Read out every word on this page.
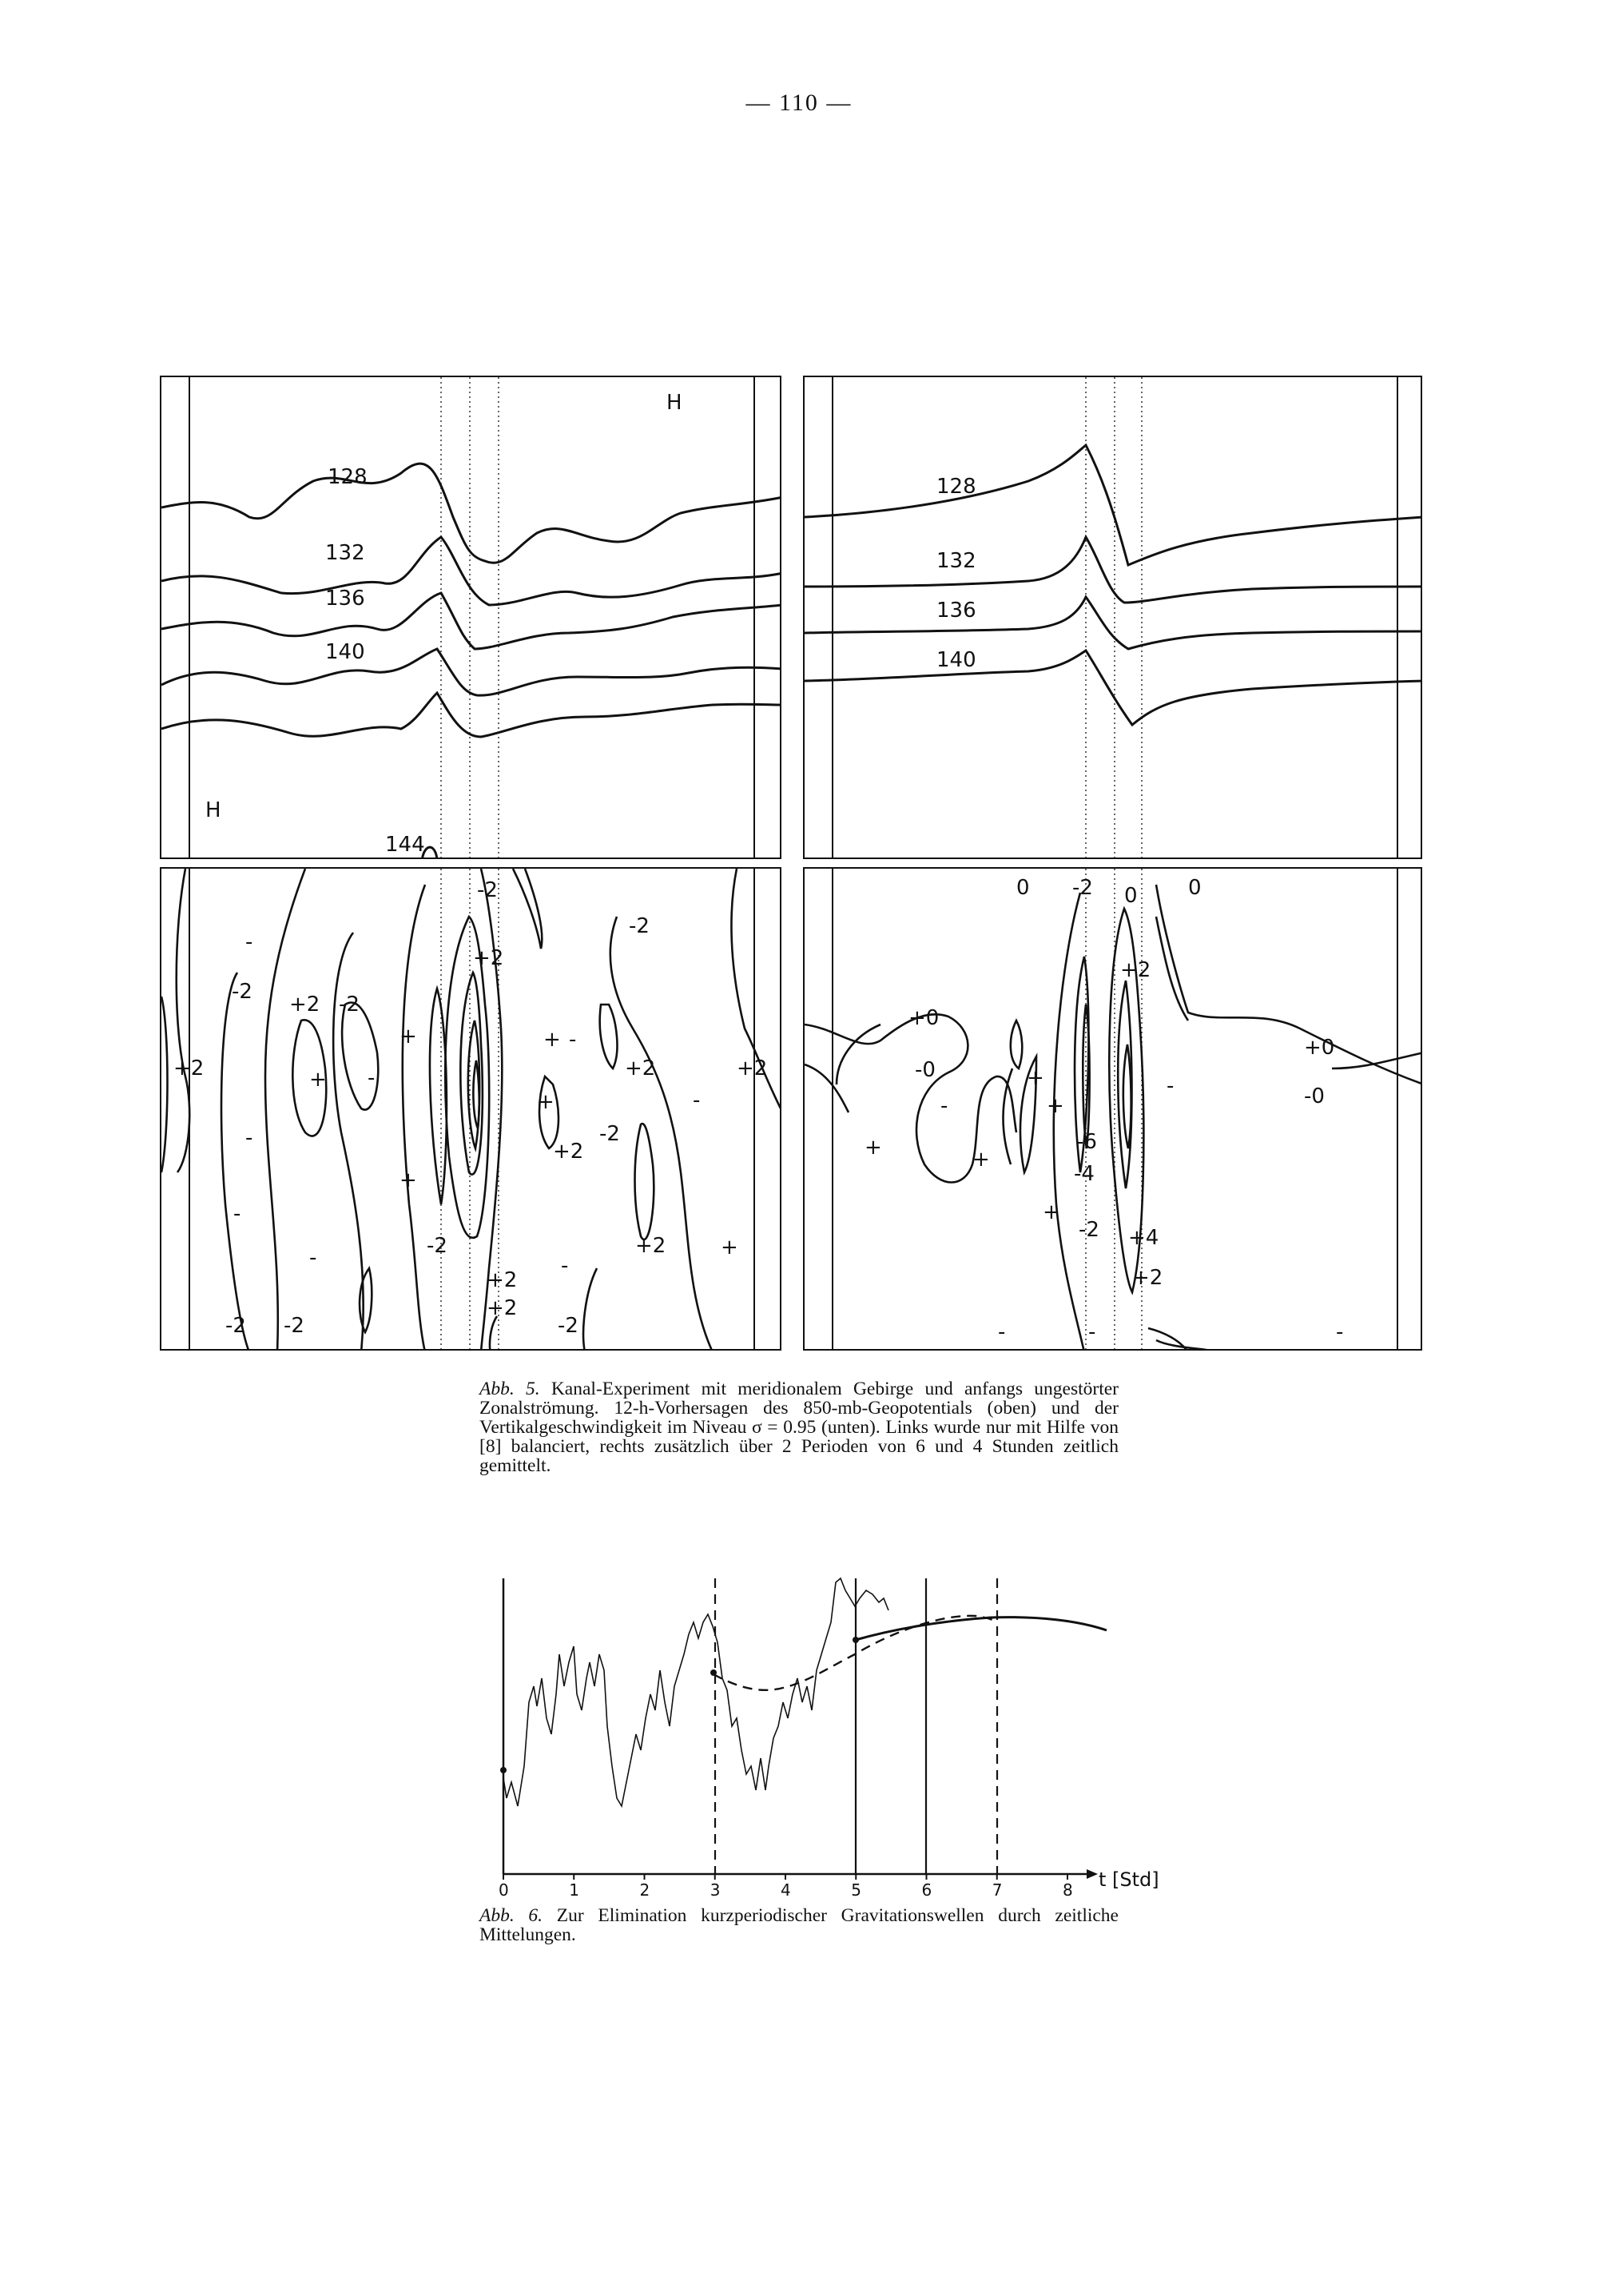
— 110 —
128
132
136
140
144
H
H
128
132
136
140
-2
-2
+2
-2
+2
+2	+2
-2
+2
+2
-2
-2	+2
-2 -2
+2
+2
-2
+
+
+
+
+
+
-
-
-
-
-
-
-
-
0 -2 0 0
+0
-0
+0
-0
+2
-6
-4
-2 +4
+2
+	+
+
+
+
-
-
-	-
-
Abb. 5. Kanal-Experiment mit meridionalem Gebirge und anfangs ungestörter Zonalströmung. 12-h-Vorhersagen des 850-mb-Geopotentials (oben) und der Vertikalgeschwindigkeit im Niveau σ = 0.95 (unten). Links wurde nur mit Hilfe von [8] balanciert, rechts zusätzlich über 2 Perioden von 6 und 4 Stunden zeitlich gemittelt.
0	1	2	3	4	5	6	7	8 t [Std]
Abb. 6. Zur Elimination kurzperiodischer Gravitationswellen durch zeitliche Mittelungen.
